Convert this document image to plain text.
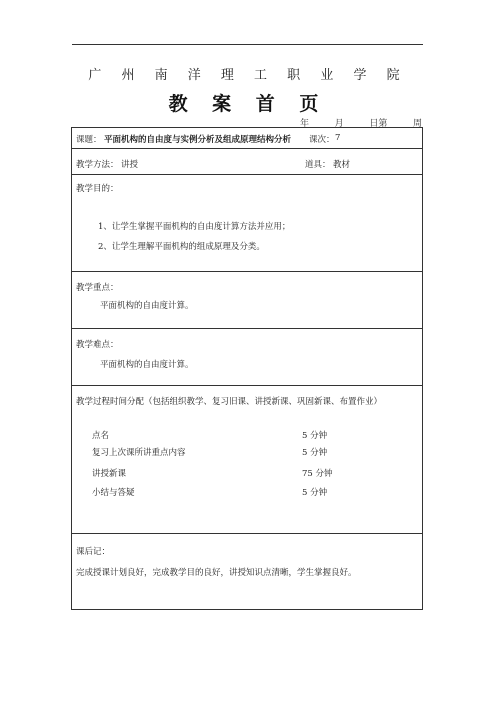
广 州 南 洋 理 工 职 业 学 院
教 案 首 页
年	月	日第	周
课题： 平面机构的自由度与实例分析及组成原理结构分析 课次： 7
教学方法： 讲授	道具： 教材
教学目的：
1、让学生掌握平面机构的自由度计算方法并应用；
2、让学生理解平面机构的组成原理及分类。
教学重点：
平面机构的自由度计算。
教学难点：
平面机构的自由度计算。
教学过程时间分配（包括组织教学、复习旧课、讲授新课、巩固新课、布置作业）
点名	5 分钟
复习上次课所讲重点内容	5 分钟
讲授新课	75 分钟
小结与答疑	5 分钟
课后记：
完成授课计划良好，完成教学目的良好，讲授知识点清晰，学生掌握良好。
